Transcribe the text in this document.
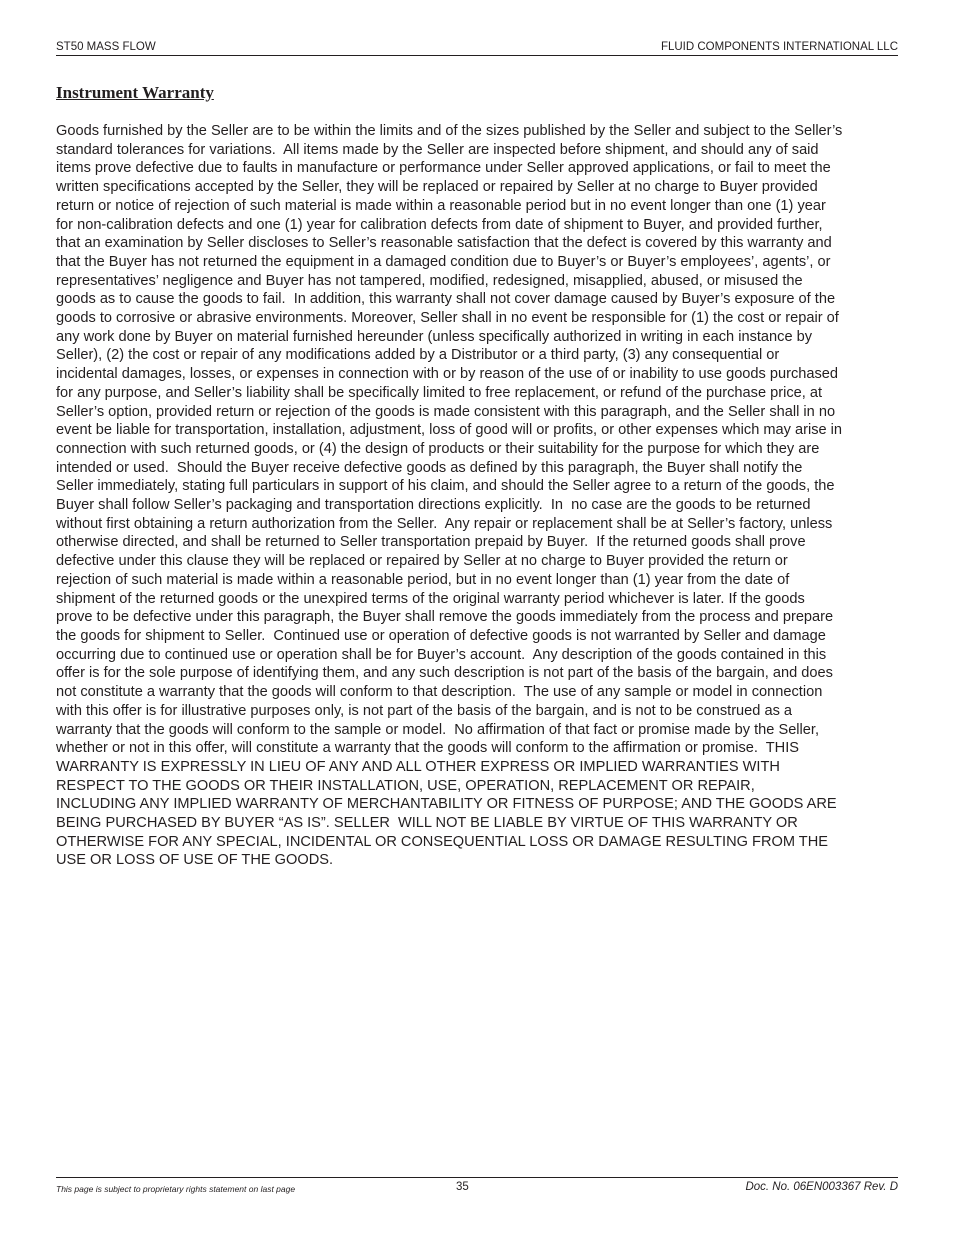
ST50 MASS FLOW	FLUID COMPONENTS INTERNATIONAL LLC
Instrument Warranty
Goods furnished by the Seller are to be within the limits and of the sizes published by the Seller and subject to the Seller’s
standard tolerances for variations.  All items made by the Seller are inspected before shipment, and should any of said
items prove defective due to faults in manufacture or performance under Seller approved applications, or fail to meet the
written specifications accepted by the Seller, they will be replaced or repaired by Seller at no charge to Buyer provided
return or notice of rejection of such material is made within a reasonable period but in no event longer than one (1) year
for non-calibration defects and one (1) year for calibration defects from date of shipment to Buyer, and provided further,
that an examination by Seller discloses to Seller’s reasonable satisfaction that the defect is covered by this warranty and
that the Buyer has not returned the equipment in a damaged condition due to Buyer’s or Buyer’s employees’, agents’, or
representatives’ negligence and Buyer has not tampered, modified, redesigned, misapplied, abused, or misused the
goods as to cause the goods to fail.  In addition, this warranty shall not cover damage caused by Buyer’s exposure of the
goods to corrosive or abrasive environments. Moreover, Seller shall in no event be responsible for (1) the cost or repair of
any work done by Buyer on material furnished hereunder (unless specifically authorized in writing in each instance by
Seller), (2) the cost or repair of any modifications added by a Distributor or a third party, (3) any consequential or
incidental damages, losses, or expenses in connection with or by reason of the use of or inability to use goods purchased
for any purpose, and Seller’s liability shall be specifically limited to free replacement, or refund of the purchase price, at
Seller’s option, provided return or rejection of the goods is made consistent with this paragraph, and the Seller shall in no
event be liable for transportation, installation, adjustment, loss of good will or profits, or other expenses which may arise in
connection with such returned goods, or (4) the design of products or their suitability for the purpose for which they are
intended or used.  Should the Buyer receive defective goods as defined by this paragraph, the Buyer shall notify the
Seller immediately, stating full particulars in support of his claim, and should the Seller agree to a return of the goods, the
Buyer shall follow Seller’s packaging and transportation directions explicitly.  In  no case are the goods to be returned
without first obtaining a return authorization from the Seller.  Any repair or replacement shall be at Seller’s factory, unless
otherwise directed, and shall be returned to Seller transportation prepaid by Buyer.  If the returned goods shall prove
defective under this clause they will be replaced or repaired by Seller at no charge to Buyer provided the return or
rejection of such material is made within a reasonable period, but in no event longer than (1) year from the date of
shipment of the returned goods or the unexpired terms of the original warranty period whichever is later. If the goods
prove to be defective under this paragraph, the Buyer shall remove the goods immediately from the process and prepare
the goods for shipment to Seller.  Continued use or operation of defective goods is not warranted by Seller and damage
occurring due to continued use or operation shall be for Buyer’s account.  Any description of the goods contained in this
offer is for the sole purpose of identifying them, and any such description is not part of the basis of the bargain, and does
not constitute a warranty that the goods will conform to that description.  The use of any sample or model in connection
with this offer is for illustrative purposes only, is not part of the basis of the bargain, and is not to be construed as a
warranty that the goods will conform to the sample or model.  No affirmation of that fact or promise made by the Seller,
whether or not in this offer, will constitute a warranty that the goods will conform to the affirmation or promise.  THIS
WARRANTY IS EXPRESSLY IN LIEU OF ANY AND ALL OTHER EXPRESS OR IMPLIED WARRANTIES WITH
RESPECT TO THE GOODS OR THEIR INSTALLATION, USE, OPERATION, REPLACEMENT OR REPAIR,
INCLUDING ANY IMPLIED WARRANTY OF MERCHANTABILITY OR FITNESS OF PURPOSE; AND THE GOODS ARE
BEING PURCHASED BY BUYER “AS IS”. SELLER  WILL NOT BE LIABLE BY VIRTUE OF THIS WARRANTY OR
OTHERWISE FOR ANY SPECIAL, INCIDENTAL OR CONSEQUENTIAL LOSS OR DAMAGE RESULTING FROM THE
USE OR LOSS OF USE OF THE GOODS.
This page is subject to proprietary rights statement on last page	35	Doc. No. 06EN003367 Rev. D
